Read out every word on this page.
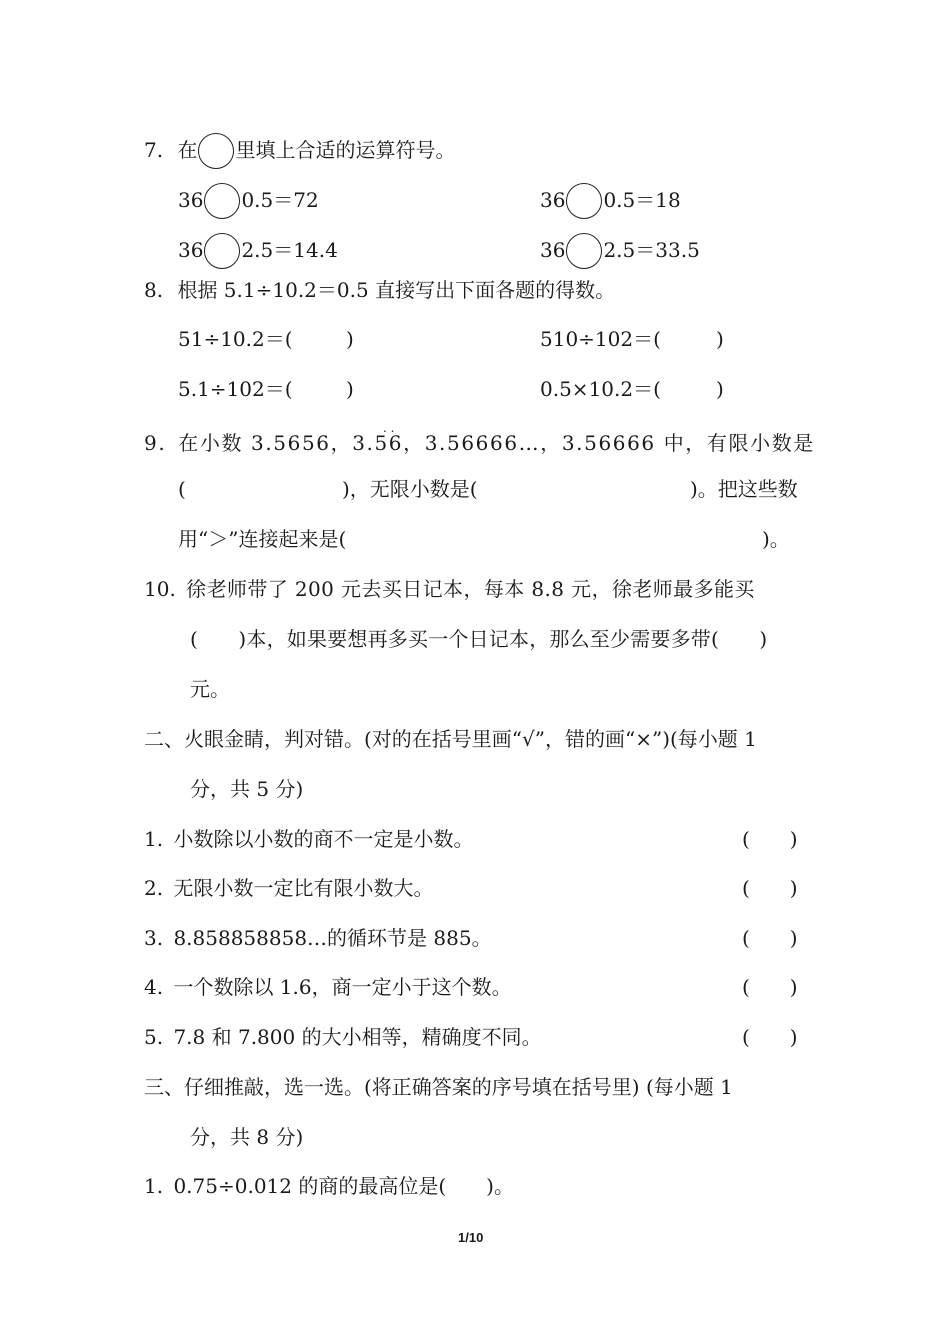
7. 在 里填上合适的运算符号。
36 0.5＝72	36 0.5＝18
36 2.5＝14.4	36 2.5＝33.5
8. 根据 5.1÷10.2＝0.5 直接写出下面各题的得数。
51÷10.2＝(	)	510÷102＝(	)
5.1÷102＝(	)	0.5×10.2＝(	)
. .
9. 在小数 3.5656，3.56，3.56666…，3.56666 中，有限小数是
(	)，无限小数是(	)。把这些数
用“＞”连接起来是(	)。
10. 徐老师带了 200 元去买日记本，每本 8.8 元，徐老师最多能买
(　　)本，如果要想再多买一个日记本，那么至少需要多带(　　)
元。
二、火眼金睛，判对错。(对的在括号里画“√”，错的画“×”)(每小题 1
分，共 5 分)
1. 小数除以小数的商不一定是小数。	(　　)
2. 无限小数一定比有限小数大。	(　　)
3. 8.858858858…的循环节是 885。	(　　)
4. 一个数除以 1.6，商一定小于这个数。	(　　)
5. 7.8 和 7.800 的大小相等，精确度不同。	(　　)
三、仔细推敲，选一选。(将正确答案的序号填在括号里) (每小题 1
分，共 8 分)
1. 0.75÷0.012 的商的最高位是(　　)。
1/10
